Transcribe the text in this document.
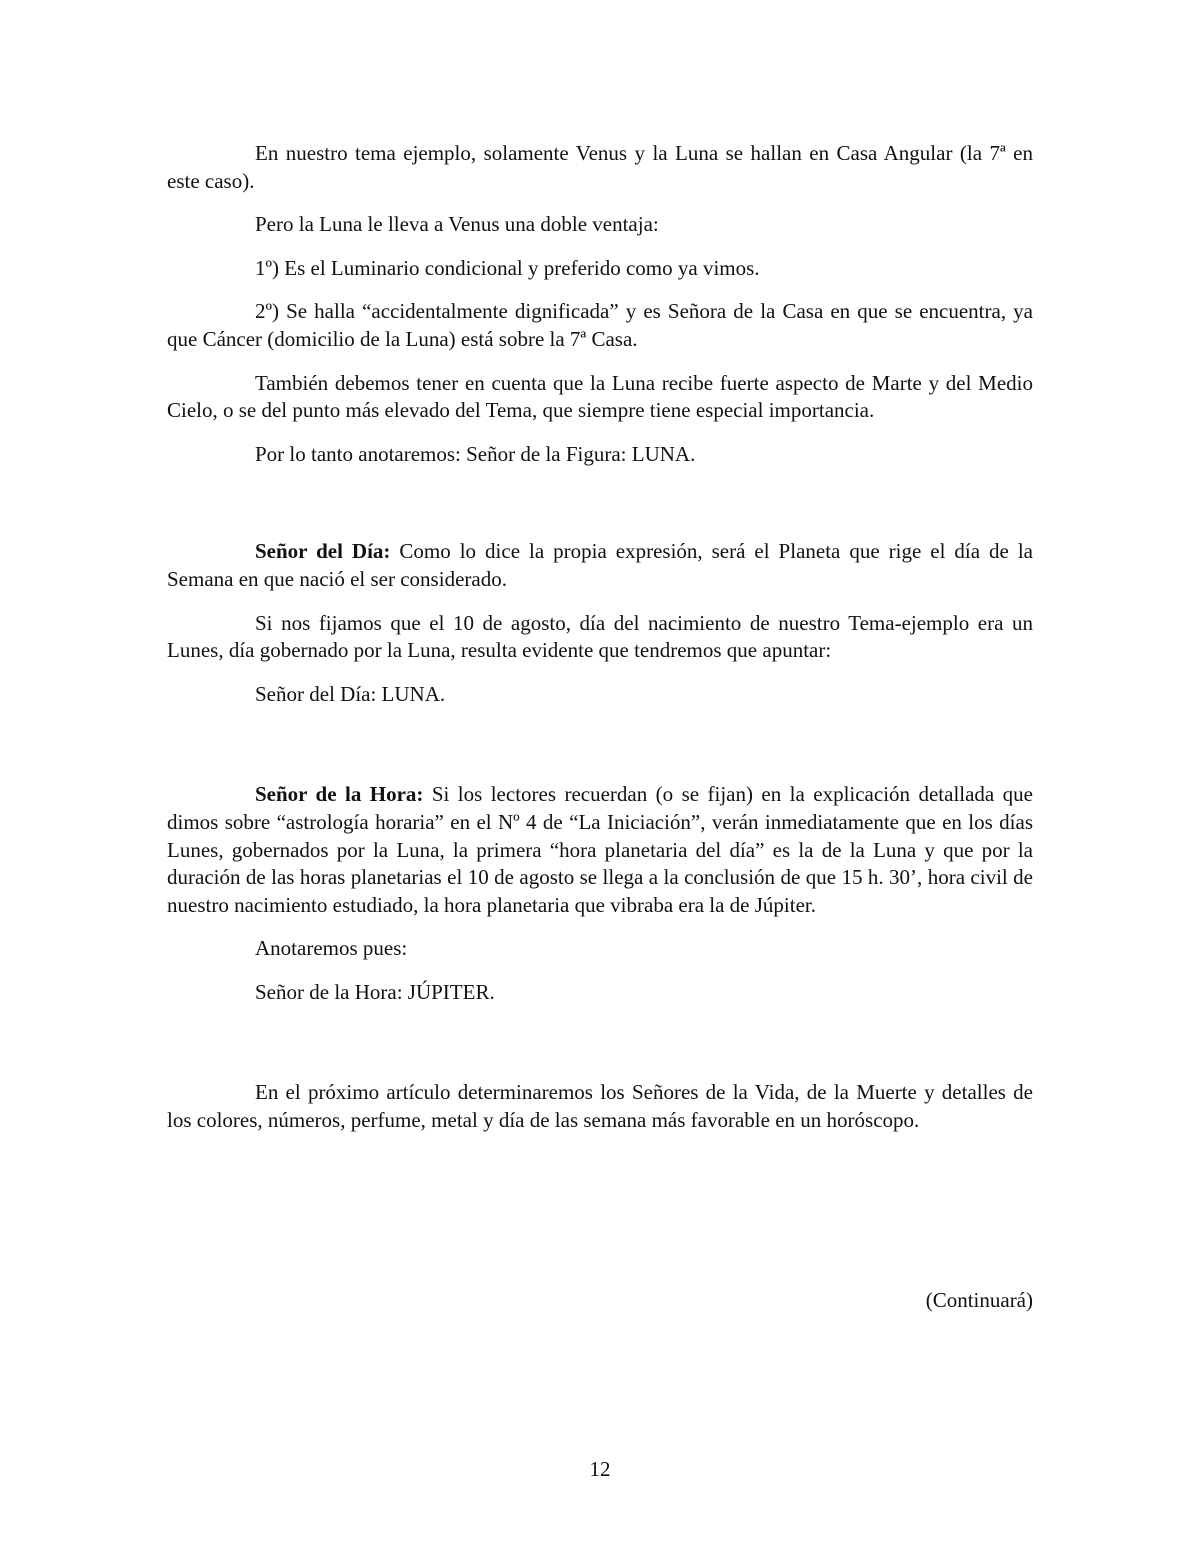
En nuestro tema ejemplo, solamente Venus y la Luna se hallan en Casa Angular (la 7ª en este caso).

Pero la Luna le lleva a Venus una doble ventaja:

1º) Es el Luminario condicional y preferido como ya vimos.

2º) Se halla “accidentalmente dignificada” y es Señora de la Casa en que se encuentra, ya que Cáncer (domicilio de la Luna) está sobre la 7ª Casa.

También debemos tener en cuenta que la Luna recibe fuerte aspecto de Marte y del Medio Cielo, o se del punto más elevado del Tema, que siempre tiene especial importancia.

Por lo tanto anotaremos: Señor de la Figura: LUNA.

Señor del Día: Como lo dice la propia expresión, será el Planeta que rige el día de la Semana en que nació el ser considerado.

Si nos fijamos que el 10 de agosto, día del nacimiento de nuestro Tema-ejemplo era un Lunes, día gobernado por la Luna, resulta evidente que tendremos que apuntar:

Señor del Día: LUNA.

Señor de la Hora: Si los lectores recuerdan (o se fijan) en la explicación detallada que dimos sobre “astrología horaria” en el Nº 4 de “La Iniciación”, verán inmediatamente que en los días Lunes, gobernados por la Luna, la primera “hora planetaria del día” es la de la Luna y que por la duración de las horas planetarias el 10 de agosto se llega a la conclusión de que 15 h. 30’, hora civil de nuestro nacimiento estudiado, la hora planetaria que vibraba era la de Júpiter.

Anotaremos pues:

Señor de la Hora: JÚPITER.

En el próximo artículo determinaremos los Señores de la Vida, de la Muerte y detalles de los colores, números, perfume, metal y día de las semana más favorable en un horóscopo.

(Continuará)

12
